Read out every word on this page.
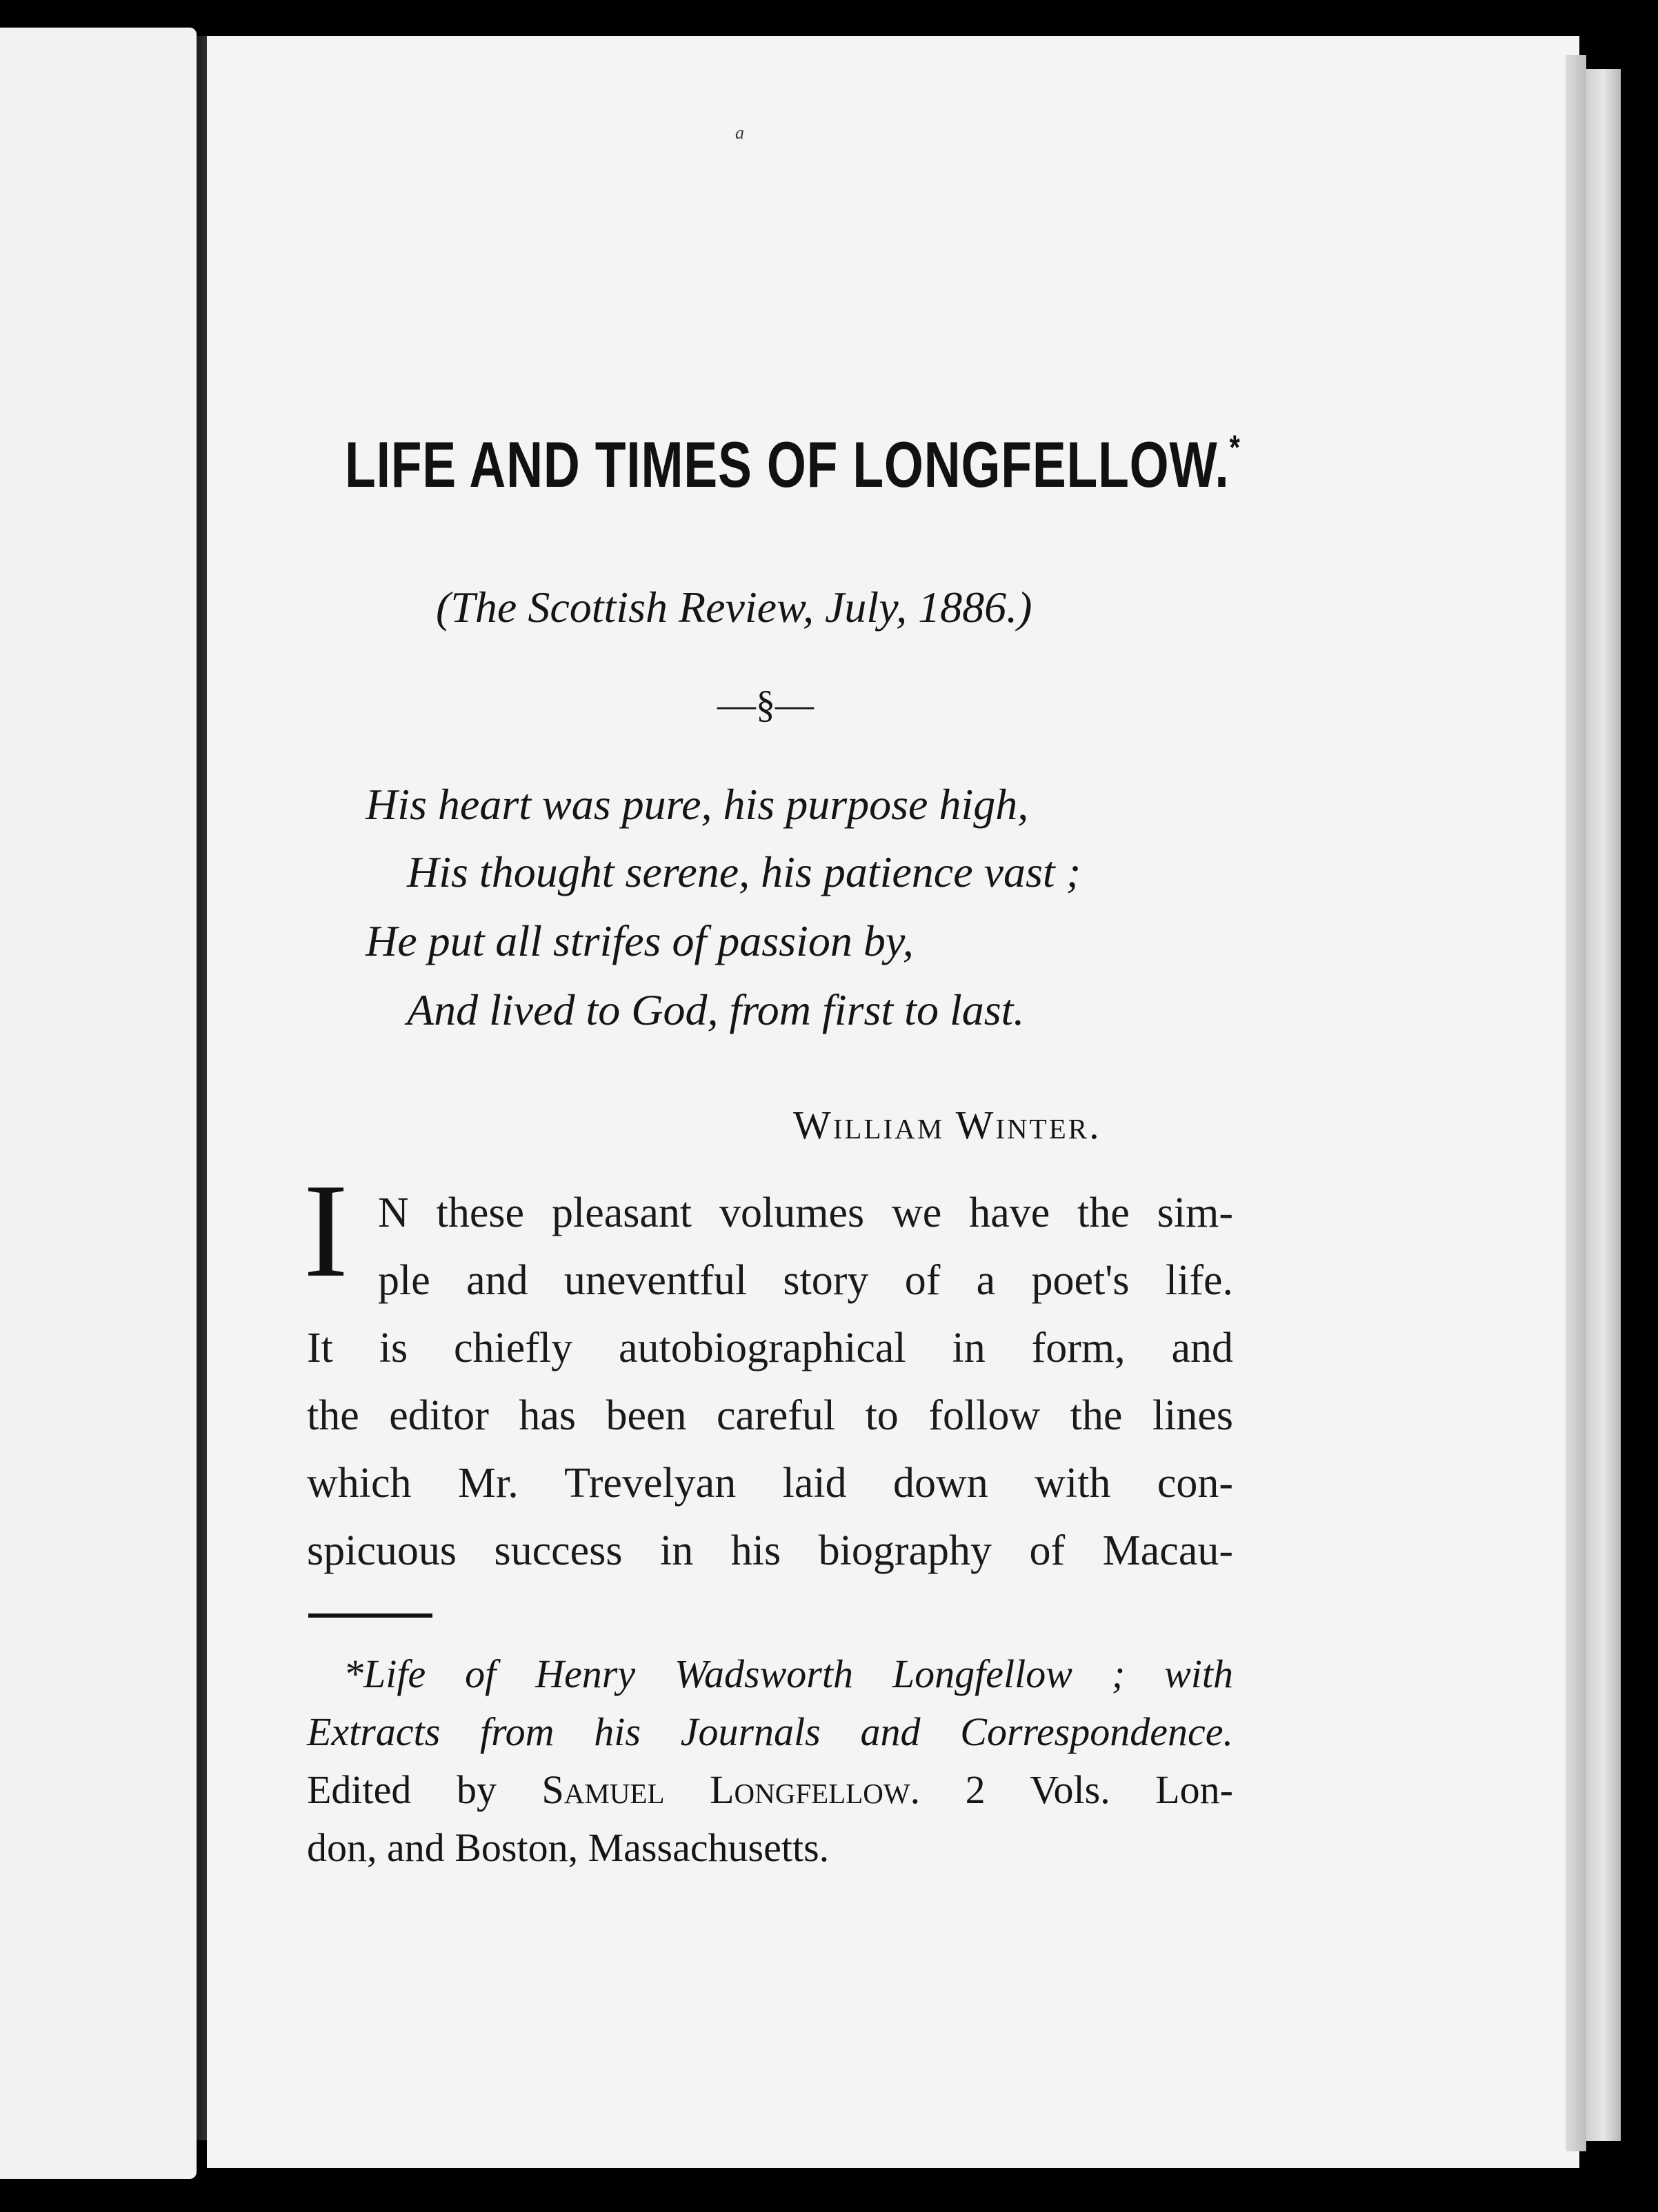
a
LIFE AND TIMES OF LONGFELLOW.*
(The Scottish Review, July, 1886.)
—§—
His heart was pure, his purpose high,
His thought serene, his patience vast ;
He put all strifes of passion by,
And lived to God, from first to last.
William Winter.
I N these pleasant volumes we have the sim-
ple and uneventful story of a poet's life.
It is chiefly autobiographical in form, and
the editor has been careful to follow the lines
which Mr. Trevelyan laid down with con-
spicuous success in his biography of Macau-
*Life of Henry Wadsworth Longfellow ; with
Extracts from his Journals and Correspondence.
Edited by Samuel Longfellow. 2 Vols. Lon-
don, and Boston, Massachusetts.
